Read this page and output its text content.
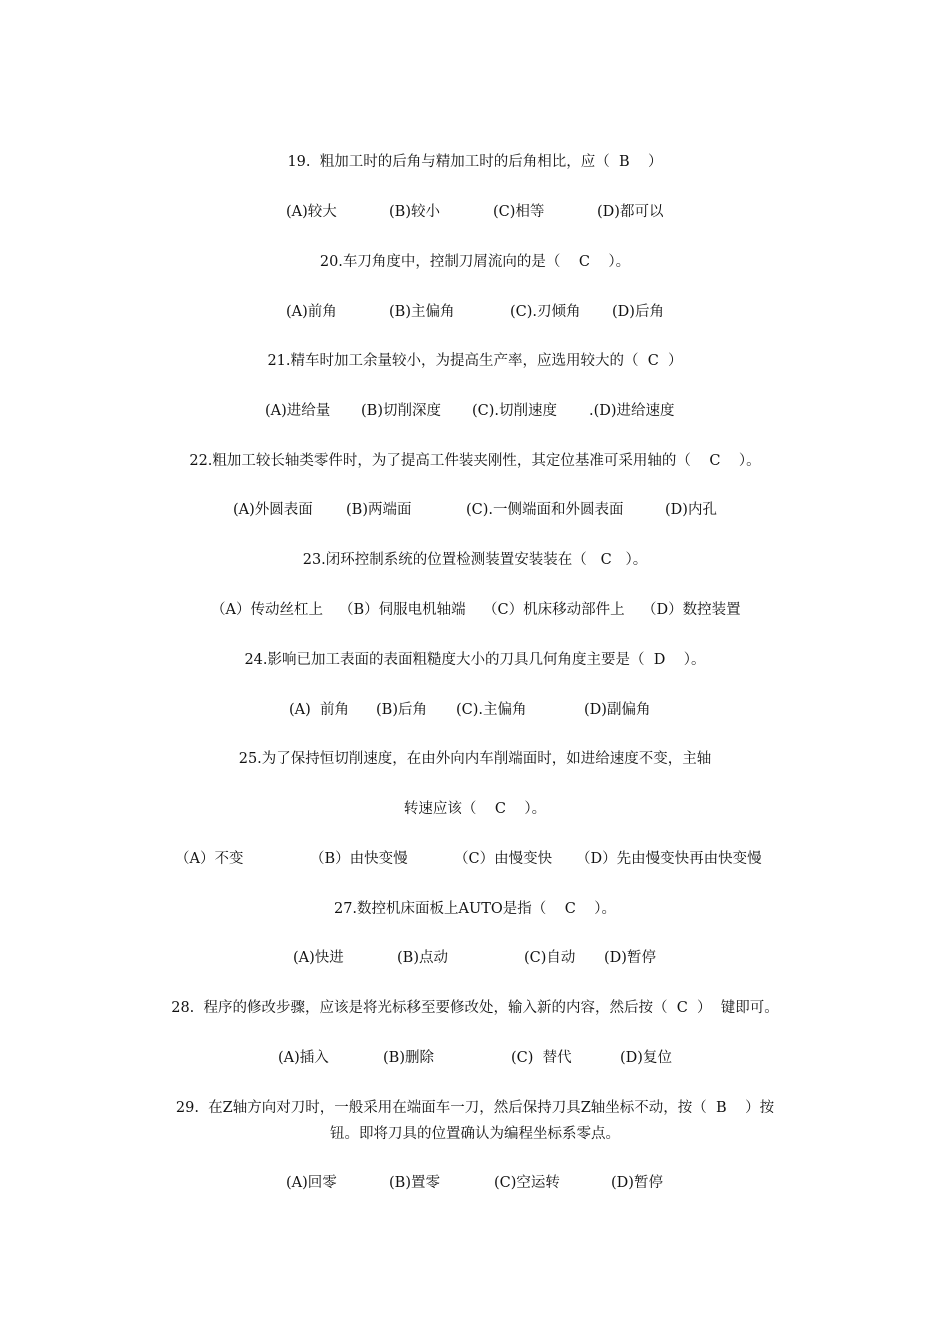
19.  粗加工时的后角与精加工时的后角相比，应（  B    ）
(A)较大	(B)较小	(C)相等	(D)都可以
20.车刀角度中，控制刀屑流向的是（    C    ）。
(A)前角	(B)主偏角	(C).刃倾角 (D)后角
21.精车时加工余量较小，为提高生产率，应选用较大的（  C  ）
(A)进给量 (B)切削深度 (C).切削速度 .(D)进给速度
22.粗加工较长轴类零件时，为了提高工件装夹刚性，其定位基准可采用轴的（    C    ）。
(A)外圆表面 (B)两端面	(C).一侧端面和外圆表面	(D)内孔
23.闭环控制系统的位置检测装置安装装在（   C   ）。
（A）传动丝杠上 （B）伺服电机轴端 （C）机床移动部件上 （D）数控装置
24.影响已加工表面的表面粗糙度大小的刀具几何角度主要是（  D    ）。
(A)  前角 (B)后角 (C).主偏角	(D)副偏角
25.为了保持恒切削速度，在由外向内车削端面时，如进给速度不变，主轴
转速应该（    C    ）。
（A）不变	（B）由快变慢	（C）由慢变快 （D）先由慢变快再由快变慢
27.数控机床面板上AUTO是指（    C    ）。
(A)快进	(B)点动	(C)自动 (D)暂停
28.  程序的修改步骤，应该是将光标移至要修改处，输入新的内容，然后按（  C  ）  键即可。
(A)插入	(B)删除	(C)  替代	(D)复位
29.  在Z轴方向对刀时，一般采用在端面车一刀，然后保持刀具Z轴坐标不动，按（  B    ）按
钮。即将刀具的位置确认为编程坐标系零点。
(A)回零	(B)置零	(C)空运转	(D)暂停
